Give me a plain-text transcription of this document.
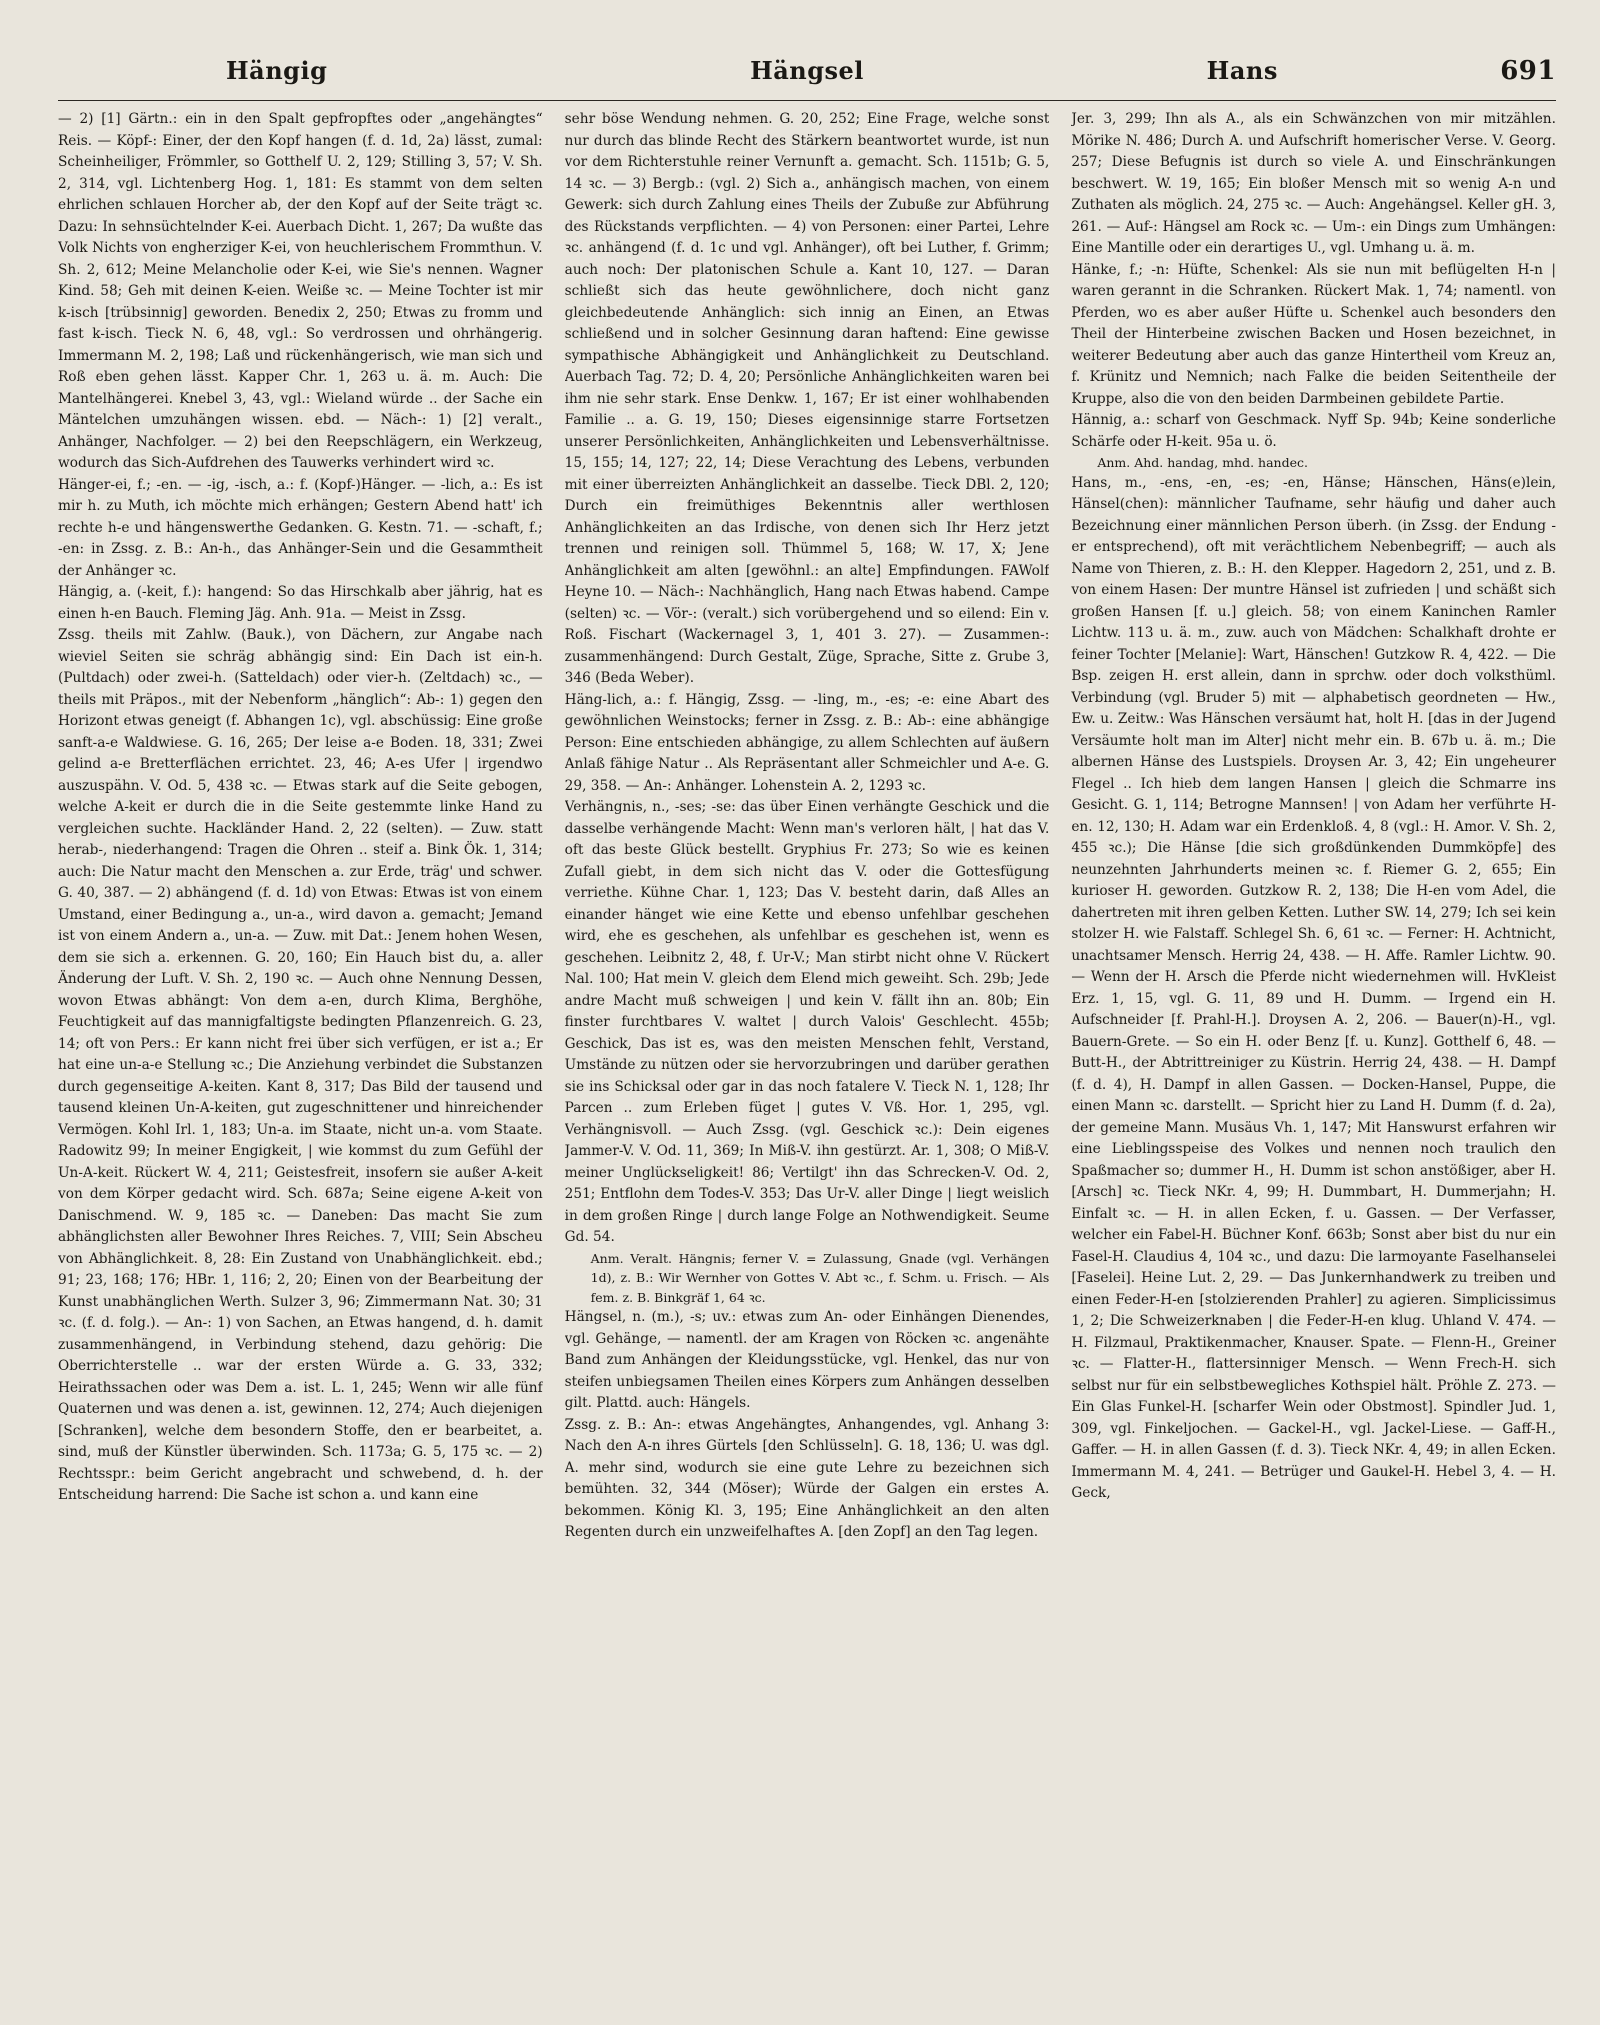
Hängig	Hängsel	Hans	691

— 2) [1] Gärtn.: ein in den Spalt gepfropftes oder „angehängtes“ Reis. — Köpf-: Einer, der den Kopf hangen (f. d. 1d, 2a) lässt, zumal: Scheinheiliger, Frömmler, so Gotthelf U. 2, 129; Stilling 3, 57; V. Sh. 2, 314, vgl. Lichtenberg Hog. 1, 181: Es stammt von dem selten ehrlichen schlauen Horcher ab, der den Kopf auf der Seite trägt ꝛc. Dazu: In sehnsüchtelnder K-ei. Auerbach Dicht. 1, 267; Da wußte das Volk Nichts von engherziger K-ei, von heuchlerischem Frommthun. V. Sh. 2, 612; Meine Melancholie oder K-ei, wie Sie's nennen. Wagner Kind. 58; Geh mit deinen K-eien. Weiße ꝛc. — Meine Tochter ist mir k-isch [trübsinnig] geworden. Benedix 2, 250; Etwas zu fromm und fast k-isch. Tieck N. 6, 48, vgl.: So verdrossen und ohrhängerig. Immermann M. 2, 198; Laß und rückenhängerisch, wie man sich und Roß eben gehen lässt. Kapper Chr. 1, 263 u. ä. m. Auch: Die Mantelhängerei. Knebel 3, 43, vgl.: Wieland würde .. der Sache ein Mäntelchen umzuhängen wissen. ebd. — Näch-: 1) [2] veralt., Anhänger, Nachfolger. — 2) bei den Reepschlägern, ein Werkzeug, wodurch das Sich-Aufdrehen des Tauwerks verhindert wird ꝛc.

Hänger-ei, f.; -en. — -ig, -isch, a.: f. (Kopf-)Hänger. — -lich, a.: Es ist mir h. zu Muth, ich möchte mich erhängen; Gestern Abend hatt' ich rechte h-e und hängenswerthe Gedanken. G. Kestn. 71. — -schaft, f.; -en: in Zssg. z. B.: An-h., das Anhänger-Sein und die Gesammtheit der Anhänger ꝛc.

Hängig, a. (-keit, f.): hangend: So das Hirschkalb aber jährig, hat es einen h-en Bauch. Fleming Jäg. Anh. 91a. — Meist in Zssg.

Zssg. theils mit Zahlw. (Bauk.), von Dächern, zur Angabe nach wieviel Seiten sie schräg abhängig sind: Ein Dach ist ein-h. (Pultdach) oder zwei-h. (Satteldach) oder vier-h. (Zeltdach) ꝛc., — theils mit Präpos., mit der Nebenform „hänglich“: Ab-: 1) gegen den Horizont etwas geneigt (f. Abhangen 1c), vgl. abschüssig: Eine große sanft-a-e Waldwiese. G. 16, 265; Der leise a-e Boden. 18, 331; Zwei gelind a-e Bretterflächen errichtet. 23, 46; A-es Ufer | irgendwo auszuspähn. V. Od. 5, 438 ꝛc. — Etwas stark auf die Seite gebogen, welche A-keit er durch die in die Seite gestemmte linke Hand zu vergleichen suchte. Hackländer Hand. 2, 22 (selten). — Zuw. statt herab-, niederhangend: Tragen die Ohren .. steif a. Bink Ök. 1, 314; auch: Die Natur macht den Menschen a. zur Erde, träg' und schwer. G. 40, 387. — 2) abhängend (f. d. 1d) von Etwas: Etwas ist von einem Umstand, einer Bedingung a., un-a., wird davon a. gemacht; Jemand ist von einem Andern a., un-a. — Zuw. mit Dat.: Jenem hohen Wesen, dem sie sich a. erkennen. G. 20, 160; Ein Hauch bist du, a. aller Änderung der Luft. V. Sh. 2, 190 ꝛc. — Auch ohne Nennung Dessen, wovon Etwas abhängt: Von dem a-en, durch Klima, Berghöhe, Feuchtigkeit auf das mannigfaltigste bedingten Pflanzenreich. G. 23, 14; oft von Pers.: Er kann nicht frei über sich verfügen, er ist a.; Er hat eine un-a-e Stellung ꝛc.; Die Anziehung verbindet die Substanzen durch gegenseitige A-keiten. Kant 8, 317; Das Bild der tausend und tausend kleinen Un-A-keiten, gut zugeschnittener und hinreichender Vermögen. Kohl Irl. 1, 183; Un-a. im Staate, nicht un-a. vom Staate. Radowitz 99; In meiner Engigkeit, | wie kommst du zum Gefühl der Un-A-keit. Rückert W. 4, 211; Geistesfreit, insofern sie außer A-keit von dem Körper gedacht wird. Sch. 687a; Seine eigene A-keit von Danischmend. W. 9, 185 ꝛc. — Daneben: Das macht Sie zum abhänglichsten aller Bewohner Ihres Reiches. 7, VIII; Sein Abscheu von Abhänglichkeit. 8, 28: Ein Zustand von Unabhänglichkeit. ebd.; 91; 23, 168; 176; HBr. 1, 116; 2, 20; Einen von der Bearbeitung der Kunst unabhänglichen Werth. Sulzer 3, 96; Zimmermann Nat. 30; 31 ꝛc. (f. d. folg.). — An-: 1) von Sachen, an Etwas hangend, d. h. damit zusammenhängend, in Verbindung stehend, dazu gehörig: Die Oberrichterstelle .. war der ersten Würde a. G. 33, 332; Heirathssachen oder was Dem a. ist. L. 1, 245; Wenn wir alle fünf Quaternen und was denen a. ist, gewinnen. 12, 274; Auch diejenigen [Schranken], welche dem besondern Stoffe, den er bearbeitet, a. sind, muß der Künstler überwinden. Sch. 1173a; G. 5, 175 ꝛc. — 2) Rechtsspr.: beim Gericht angebracht und schwebend, d. h. der Entscheidung harrend: Die Sache ist schon a. und kann eine

sehr böse Wendung nehmen. G. 20, 252; Eine Frage, welche sonst nur durch das blinde Recht des Stärkern beantwortet wurde, ist nun vor dem Richterstuhle reiner Vernunft a. gemacht. Sch. 1151b; G. 5, 14 ꝛc. — 3) Bergb.: (vgl. 2) Sich a., anhängisch machen, von einem Gewerk: sich durch Zahlung eines Theils der Zubuße zur Abführung des Rückstands verpflichten. — 4) von Personen: einer Partei, Lehre ꝛc. anhängend (f. d. 1c und vgl. Anhänger), oft bei Luther, f. Grimm; auch noch: Der platonischen Schule a. Kant 10, 127. — Daran schließt sich das heute gewöhnlichere, doch nicht ganz gleichbedeutende Anhänglich: sich innig an Einen, an Etwas schließend und in solcher Gesinnung daran haftend: Eine gewisse sympathische Abhängigkeit und Anhänglichkeit zu Deutschland. Auerbach Tag. 72; D. 4, 20; Persönliche Anhänglichkeiten waren bei ihm nie sehr stark. Ense Denkw. 1, 167; Er ist einer wohlhabenden Familie .. a. G. 19, 150; Dieses eigensinnige starre Fortsetzen unserer Persönlichkeiten, Anhänglichkeiten und Lebensverhältnisse. 15, 155; 14, 127; 22, 14; Diese Verachtung des Lebens, verbunden mit einer überreizten Anhänglichkeit an dasselbe. Tieck DBl. 2, 120; Durch ein freimüthiges Bekenntnis aller werthlosen Anhänglichkeiten an das Irdische, von denen sich Ihr Herz jetzt trennen und reinigen soll. Thümmel 5, 168; W. 17, X; Jene Anhänglichkeit am alten [gewöhnl.: an alte] Empfindungen. FAWolf Heyne 10. — Näch-: Nachhänglich, Hang nach Etwas habend. Campe (selten) ꝛc. — Vör-: (veralt.) sich vorübergehend und so eilend: Ein v. Roß. Fischart (Wackernagel 3, 1, 401 3. 27). — Zusammen-: zusammenhängend: Durch Gestalt, Züge, Sprache, Sitte z. Grube 3, 346 (Beda Weber).

Häng-lich, a.: f. Hängig, Zssg. — -ling, m., -es; -e: eine Abart des gewöhnlichen Weinstocks; ferner in Zssg. z. B.: Ab-: eine abhängige Person: Eine entschieden abhängige, zu allem Schlechten auf äußern Anlaß fähige Natur .. Als Repräsentant aller Schmeichler und A-e. G. 29, 358. — An-: Anhänger. Lohenstein A. 2, 1293 ꝛc.

Verhängnis, n., -ses; -se: das über Einen verhängte Geschick und die dasselbe verhängende Macht: Wenn man's verloren hält, | hat das V. oft das beste Glück bestellt. Gryphius Fr. 273; So wie es keinen Zufall giebt, in dem sich nicht das V. oder die Gottesfügung verriethe. Kühne Char. 1, 123; Das V. besteht darin, daß Alles an einander hänget wie eine Kette und ebenso unfehlbar geschehen wird, ehe es geschehen, als unfehlbar es geschehen ist, wenn es geschehen. Leibnitz 2, 48, f. Ur-V.; Man stirbt nicht ohne V. Rückert Nal. 100; Hat mein V. gleich dem Elend mich geweiht. Sch. 29b; Jede andre Macht muß schweigen | und kein V. fällt ihn an. 80b; Ein finster furchtbares V. waltet | durch Valois' Geschlecht. 455b; Geschick, Das ist es, was den meisten Menschen fehlt, Verstand, Umstände zu nützen oder sie hervorzubringen und darüber gerathen sie ins Schicksal oder gar in das noch fatalere V. Tieck N. 1, 128; Ihr Parcen .. zum Erleben füget | gutes V. Vß. Hor. 1, 295, vgl. Verhängnisvoll. — Auch Zssg. (vgl. Geschick ꝛc.): Dein eigenes Jammer-V. V. Od. 11, 369; In Miß-V. ihn gestürzt. Ar. 1, 308; O Miß-V. meiner Unglückseligkeit! 86; Vertilgt' ihn das Schrecken-V. Od. 2, 251; Entflohn dem Todes-V. 353; Das Ur-V. aller Dinge | liegt weislich in dem großen Ringe | durch lange Folge an Nothwendigkeit. Seume Gd. 54.

Anm. Veralt. Hängnis; ferner V. = Zulassung, Gnade (vgl. Verhängen 1d), z. B.: Wir Wernher von Gottes V. Abt ꝛc., f. Schm. u. Frisch. — Als fem. z. B. Binkgräf 1, 64 ꝛc.

Hängsel, n. (m.), -s; uv.: etwas zum An- oder Einhängen Dienendes, vgl. Gehänge, — namentl. der am Kragen von Röcken ꝛc. angenähte Band zum Anhängen der Kleidungsstücke, vgl. Henkel, das nur von steifen unbiegsamen Theilen eines Körpers zum Anhängen desselben gilt. Plattd. auch: Hängels.

Zssg. z. B.: An-: etwas Angehängtes, Anhangendes, vgl. Anhang 3: Nach den A-n ihres Gürtels [den Schlüsseln]. G. 18, 136; U. was dgl. A. mehr sind, wodurch sie eine gute Lehre zu bezeichnen sich bemühten. 32, 344 (Möser); Würde der Galgen ein erstes A. bekommen. König Kl. 3, 195; Eine Anhänglichkeit an den alten Regenten durch ein unzweifelhaftes A. [den Zopf] an den Tag legen.

Jer. 3, 299; Ihn als A., als ein Schwänzchen von mir mitzählen. Mörike N. 486; Durch A. und Aufschrift homerischer Verse. V. Georg. 257; Diese Befugnis ist durch so viele A. und Einschränkungen beschwert. W. 19, 165; Ein bloßer Mensch mit so wenig A-n und Zuthaten als möglich. 24, 275 ꝛc. — Auch: Angehängsel. Keller gH. 3, 261. — Auf-: Hängsel am Rock ꝛc. — Um-: ein Dings zum Umhängen: Eine Mantille oder ein derartiges U., vgl. Umhang u. ä. m.

Hänke, f.; -n: Hüfte, Schenkel: Als sie nun mit beflügelten H-n | waren gerannt in die Schranken. Rückert Mak. 1, 74; namentl. von Pferden, wo es aber außer Hüfte u. Schenkel auch besonders den Theil der Hinterbeine zwischen Backen und Hosen bezeichnet, in weiterer Bedeutung aber auch das ganze Hintertheil vom Kreuz an, f. Krünitz und Nemnich; nach Falke die beiden Seitentheile der Kruppe, also die von den beiden Darmbeinen gebildete Partie.

Hännig, a.: scharf von Geschmack. Nyff Sp. 94b; Keine sonderliche Schärfe oder H-keit. 95a u. ö.

Anm. Ahd. handag, mhd. handec.

Hans, m., -ens, -en, -es; -en, Hänse; Hänschen, Häns(e)lein, Hänsel(chen): männlicher Taufname, sehr häufig und daher auch Bezeichnung einer männlichen Person überh. (in Zssg. der Endung -er entsprechend), oft mit verächtlichem Nebenbegriff; — auch als Name von Thieren, z. B.: H. den Klepper. Hagedorn 2, 251, und z. B. von einem Hasen: Der muntre Hänsel ist zufrieden | und schäßt sich großen Hansen [f. u.] gleich. 58; von einem Kaninchen Ramler Lichtw. 113 u. ä. m., zuw. auch von Mädchen: Schalkhaft drohte er feiner Tochter [Melanie]: Wart, Hänschen! Gutzkow R. 4, 422. — Die Bsp. zeigen H. erst allein, dann in sprchw. oder doch volksthüml. Verbindung (vgl. Bruder 5) mit — alphabetisch geordneten — Hw., Ew. u. Zeitw.: Was Hänschen versäumt hat, holt H. [das in der Jugend Versäumte holt man im Alter] nicht mehr ein. B. 67b u. ä. m.; Die albernen Hänse des Lustspiels. Droysen Ar. 3, 42; Ein ungeheurer Flegel .. Ich hieb dem langen Hansen | gleich die Schmarre ins Gesicht. G. 1, 114; Betrogne Mannsen! | von Adam her verführte H-en. 12, 130; H. Adam war ein Erdenkloß. 4, 8 (vgl.: H. Amor. V. Sh. 2, 455 ꝛc.); Die Hänse [die sich großdünkenden Dummköpfe] des neunzehnten Jahrhunderts meinen ꝛc. f. Riemer G. 2, 655; Ein kurioser H. geworden. Gutzkow R. 2, 138; Die H-en vom Adel, die dahertreten mit ihren gelben Ketten. Luther SW. 14, 279; Ich sei kein stolzer H. wie Falstaff. Schlegel Sh. 6, 61 ꝛc. — Ferner: H. Achtnicht, unachtsamer Mensch. Herrig 24, 438. — H. Affe. Ramler Lichtw. 90. — Wenn der H. Arsch die Pferde nicht wiedernehmen will. HvKleist Erz. 1, 15, vgl. G. 11, 89 und H. Dumm. — Irgend ein H. Aufschneider [f. Prahl-H.]. Droysen A. 2, 206. — Bauer(n)-H., vgl. Bauern-Grete. — So ein H. oder Benz [f. u. Kunz]. Gotthelf 6, 48. — Butt-H., der Abtrittreiniger zu Küstrin. Herrig 24, 438. — H. Dampf (f. d. 4), H. Dampf in allen Gassen. — Docken-Hansel, Puppe, die einen Mann ꝛc. darstellt. — Spricht hier zu Land H. Dumm (f. d. 2a), der gemeine Mann. Musäus Vh. 1, 147; Mit Hanswurst erfahren wir eine Lieblingsspeise des Volkes und nennen noch traulich den Spaßmacher so; dummer H., H. Dumm ist schon anstößiger, aber H. [Arsch] ꝛc. Tieck NKr. 4, 99; H. Dummbart, H. Dummerjahn; H. Einfalt ꝛc. — H. in allen Ecken, f. u. Gassen. — Der Verfasser, welcher ein Fabel-H. Büchner Konf. 663b; Sonst aber bist du nur ein Fasel-H. Claudius 4, 104 ꝛc., und dazu: Die larmoyante Faselhanselei [Faselei]. Heine Lut. 2, 29. — Das Junkernhandwerk zu treiben und einen Feder-H-en [stolzierenden Prahler] zu agieren. Simplicissimus 1, 2; Die Schweizerknaben | die Feder-H-en klug. Uhland V. 474. — H. Filzmaul, Praktikenmacher, Knauser. Spate. — Flenn-H., Greiner ꝛc. — Flatter-H., flattersinniger Mensch. — Wenn Frech-H. sich selbst nur für ein selbstbewegliches Kothspiel hält. Pröhle Z. 273. — Ein Glas Funkel-H. [scharfer Wein oder Obstmost]. Spindler Jud. 1, 309, vgl. Finkeljochen. — Gackel-H., vgl. Jackel-Liese. — Gaff-H., Gaffer. — H. in allen Gassen (f. d. 3). Tieck NKr. 4, 49; in allen Ecken. Immermann M. 4, 241. — Betrüger und Gaukel-H. Hebel 3, 4. — H. Geck,
